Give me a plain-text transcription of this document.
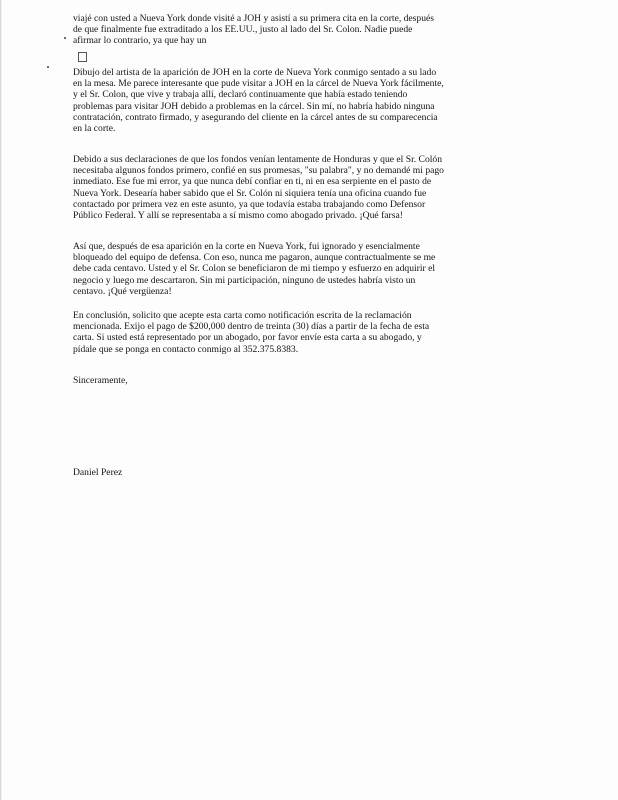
viajé con usted a Nueva York donde visité a JOH y asistí a su primera cita en la corte, después
de que finalmente fue extraditado a los EE.UU., justo al lado del Sr. Colon. Nadie puede
afirmar lo contrario, ya que hay un

Dibujo del artista de la aparición de JOH en la corte de Nueva York conmigo sentado a su lado
en la mesa. Me parece interesante que pude visitar a JOH en la cárcel de Nueva York fácilmente,
y el Sr. Colon, que vive y trabaja allí, declaró continuamente que había estado teniendo
problemas para visitar JOH debido a problemas en la cárcel. Sin mí, no habría habido ninguna
contratación, contrato firmado, y asegurando del cliente en la cárcel antes de su comparecencia
en la corte.

Debido a sus declaraciones de que los fondos venían lentamente de Honduras y que el Sr. Colón
necesitaba algunos fondos primero, confié en sus promesas, "su palabra", y no demandé mi pago
inmediato. Ese fue mi error, ya que nunca debí confiar en ti, ni en esa serpiente en el pasto de
Nueva York. Desearía haber sabido que el Sr. Colón ni siquiera tenía una oficina cuando fue
contactado por primera vez en este asunto, ya que todavía estaba trabajando como Defensor
Público Federal. Y allí se representaba a sí mismo como abogado privado. ¡Qué farsa!

Así que, después de esa aparición en la corte en Nueva York, fui ignorado y esencialmente
bloqueado del equipo de defensa. Con eso, nunca me pagaron, aunque contractualmente se me
debe cada centavo. Usted y el Sr. Colon se beneficiaron de mi tiempo y esfuerzo en adquirir el
negocio y luego me descartaron. Sin mi participación, ninguno de ustedes habría visto un
centavo. ¡Qué vergüenza!

En conclusión, solicito que acepte esta carta como notificación escrita de la reclamación
mencionada. Exijo el pago de $200,000 dentro de treinta (30) días a partir de la fecha de esta
carta. Si usted está representado por un abogado, por favor envíe esta carta a su abogado, y
pídale que se ponga en contacto conmigo al 352.375.8383.

Sinceramente,
Daniel Perez
